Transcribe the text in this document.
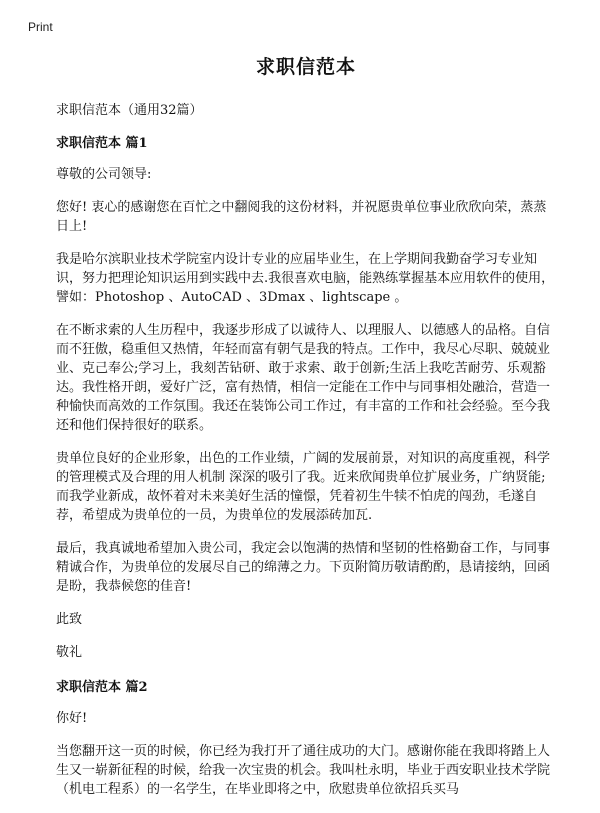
Print
求职信范本
求职信范本（通用32篇）
求职信范本 篇1

尊敬的公司领导:

您好! 衷心的感谢您在百忙之中翻阅我的这份材料，并祝愿贵单位事业欣欣向荣，蒸蒸日上!

我是哈尔滨职业技术学院室内设计专业的应届毕业生，在上学期间我勤奋学习专业知识，努力把理论知识运用到实践中去.我很喜欢电脑，能熟练掌握基本应用软件的使用，譬如：Photoshop 、AutoCAD 、3Dmax 、lightscape 。

在不断求索的人生历程中，我逐步形成了以诚待人、以理服人、以德感人的品格。自信而不狂傲，稳重但又热情，年轻而富有朝气是我的特点。工作中，我尽心尽职、兢兢业业、克己奉公;学习上，我刻苦钻研、敢于求索、敢于创新;生活上我吃苦耐劳、乐观豁达。我性格开朗，爱好广泛，富有热情，相信一定能在工作中与同事相处融洽，营造一种愉快而高效的工作氛围。我还在装饰公司工作过，有丰富的工作和社会经验。至今我还和他们保持很好的联系。

贵单位良好的企业形象，出色的工作业绩，广阔的发展前景，对知识的高度重视，科学的管理模式及合理的用人机制 深深的吸引了我。近来欣闻贵单位扩展业务，广纳贤能;而我学业新成，故怀着对未来美好生活的憧憬，凭着初生牛犊不怕虎的闯劲，毛遂自荐，希望成为贵单位的一员，为贵单位的发展添砖加瓦.

最后，我真诚地希望加入贵公司，我定会以饱满的热情和坚韧的性格勤奋工作，与同事精诚合作，为贵单位的发展尽自己的绵薄之力。下页附简历敬请酌酌，恳请接纳，回函是盼，我恭候您的佳音!

此致

敬礼

求职信范本 篇2

你好!

当您翻开这一页的时候，你已经为我打开了通往成功的大门。感谢你能在我即将踏上人生又一崭新征程的时候，给我一次宝贵的机会。我叫杜永明，毕业于西安职业技术学院（机电工程系）的一名学生，在毕业即将之中，欣慰贵单位欲招兵买马
